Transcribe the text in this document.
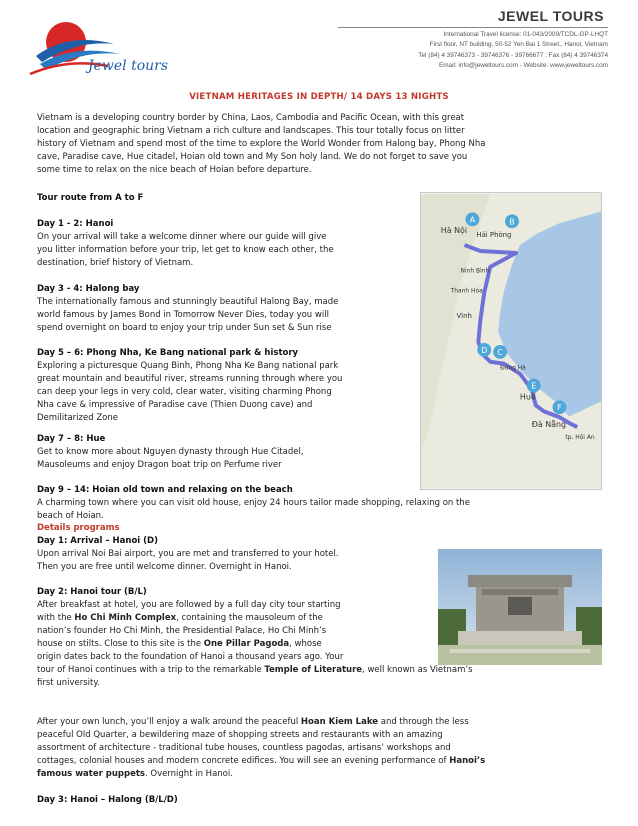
Jewel tours
JEWEL TOURS
International Travel license: 01-043/2009/TCDL-GP-LHQT
First floor, NT building, 50-52 Yen Bai 1 Street., Hanoi, Vietnam
Tel (84) 4 39746373 - 39746376 - 39766677 ; Fax (84) 4 39746374
Email: info@jeweltours.com - Website: www.jeweltours.com
VIETNAM HERITAGES IN DEPTH/ 14 DAYS 13 NIGHTS
Vietnam is a developing country border by China, Laos, Cambodia and Pacific Ocean, with this great
location and geographic bring Vietnam a rich culture and landscapes. This tour totally focus on litter
history of Vietnam and spend most of the time to explore the World Wonder from Halong bay, Phong Nha
cave, Paradise cave, Hue citadel, Hoian old town and My Son holy land. We do not forget to save you
some time to relax on the nice beach of Hoian before departure.
Tour route from A to F
Day 1 - 2: Hanoi
On your arrival will take a welcome dinner where our guide will give
you litter information before your trip, let get to know each other, the
destination, brief history of Vietnam.
Day 3 - 4: Halong bay
The internationally famous and stunningly beautiful Halong Bay, made
world famous by James Bond in Tomorrow Never Dies, today you will
spend overnight on board to enjoy your trip under Sun set & Sun rise
Day 5 – 6: Phong Nha, Ke Bang national park & history
Exploring a picturesque Quang Binh, Phong Nha Ke Bang national park
great mountain and beautiful river, streams running through where you
can deep your legs in very cold, clear water, visiting charming Phong
Nha cave & impressive of Paradise cave (Thien Duong cave) and
Demilitarized Zone
Day 7 – 8: Hue
Get to know more about Nguyen dynasty through Hue Citadel,
Mausoleums and enjoy Dragon boat trip on Perfume river
Day 9 – 14: Hoian old town and relaxing on the beach
A charming town where you can visit old house, enjoy 24 hours tailor made shopping, relaxing on the
beach of Hoian.
Details programs
Day 1: Arrival – Hanoi (D)
Upon arrival Noi Bai airport, you are met and transferred to your hotel.
Then you are free until welcome dinner. Overnight in Hanoi.
Day 2: Hanoi tour (B/L)
After breakfast at hotel, you are followed by a full day city tour starting
with the Ho Chi Minh Complex, containing the mausoleum of the
nation’s founder Ho Chi Minh, the Presidential Palace, Ho Chi Minh’s
house on stilts. Close to this site is the One Pillar Pagoda, whose
origin dates back to the foundation of Hanoi a thousand years ago. Your
tour of Hanoi continues with a trip to the remarkable Temple of Literature, well known as Vietnam’s
first university.
After your own lunch, you’ll enjoy a walk around the peaceful Hoan Kiem Lake and through the less
peaceful Old Quarter, a bewildering maze of shopping streets and restaurants with an amazing
assortment of architecture - traditional tube houses, countless pagodas, artisans’ workshops and
cottages, colonial houses and modern concrete edifices. You will see an evening performance of Hanoi’s
famous water puppets. Overnight in Hanoi.
Day 3: Hanoi – Halong (B/L/D)
Hà Nội Hải Phòng
Ninh Bình
Thanh Hóa
Vinh
Đông Hà
Huế
Đà Nẵng
tp. Hội An
A	B
C
D
E
F
Ho Chi Minh Mausoleum
